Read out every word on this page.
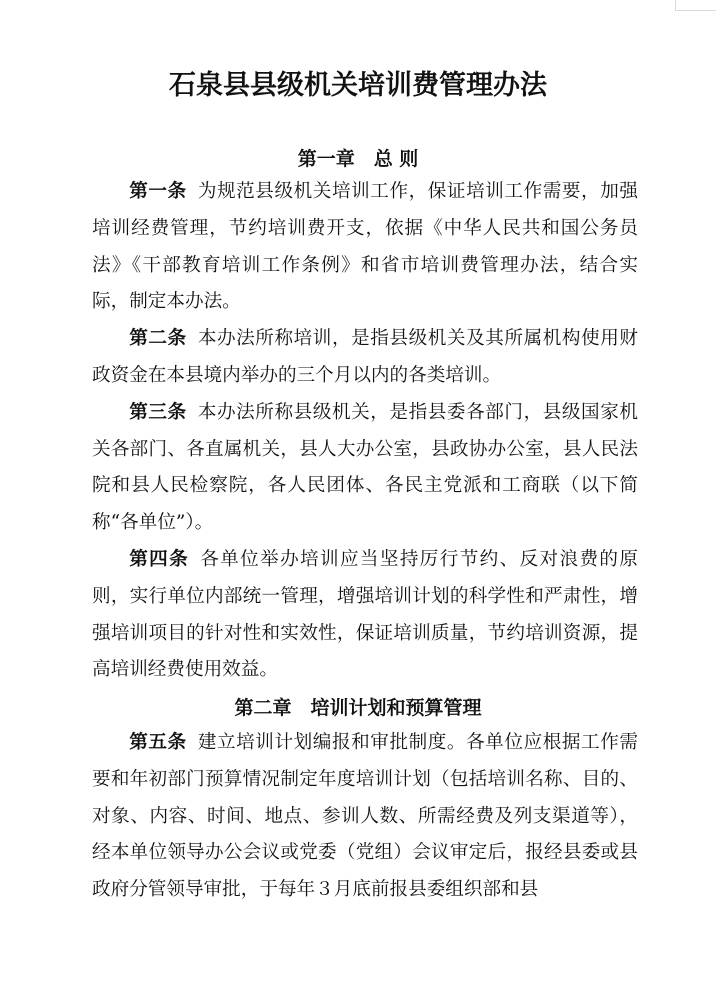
石泉县县级机关培训费管理办法
第一章　总 则

第一条 为规范县级机关培训工作，保证培训工作需要，加强培训经费管理，节约培训费开支，依据《中华人民共和国公务员法》《干部教育培训工作条例》和省市培训费管理办法，结合实际，制定本办法。

第二条 本办法所称培训，是指县级机关及其所属机构使用财政资金在本县境内举办的三个月以内的各类培训。

第三条 本办法所称县级机关，是指县委各部门，县级国家机关各部门、各直属机关，县人大办公室，县政协办公室，县人民法院和县人民检察院，各人民团体、各民主党派和工商联（以下简称“各单位”）。

第四条 各单位举办培训应当坚持厉行节约、反对浪费的原则，实行单位内部统一管理，增强培训计划的科学性和严肃性，增强培训项目的针对性和实效性，保证培训质量，节约培训资源，提高培训经费使用效益。

第二章　培训计划和预算管理

第五条 建立培训计划编报和审批制度。各单位应根据工作需要和年初部门预算情况制定年度培训计划（包括培训名称、目的、对象、内容、时间、地点、参训人数、所需经费及列支渠道等），经本单位领导办公会议或党委（党组）会议审定后，报经县委或县政府分管领导审批，于每年３月底前报县委组织部和县
